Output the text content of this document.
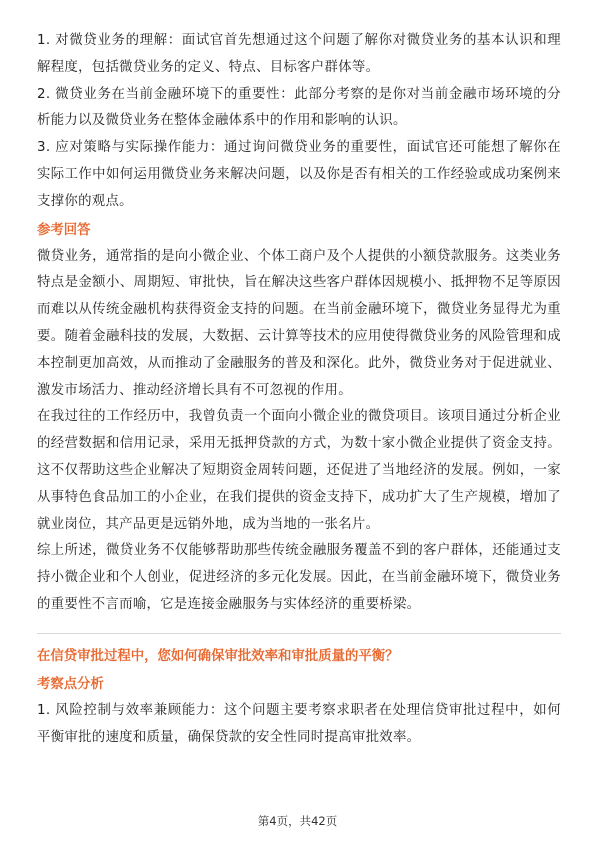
1. 对微贷业务的理解：面试官首先想通过这个问题了解你对微贷业务的基本认识和理解程度，包括微贷业务的定义、特点、目标客户群体等。

2. 微贷业务在当前金融环境下的重要性：此部分考察的是你对当前金融市场环境的分析能力以及微贷业务在整体金融体系中的作用和影响的认识。

3. 应对策略与实际操作能力：通过询问微贷业务的重要性，面试官还可能想了解你在实际工作中如何运用微贷业务来解决问题，以及你是否有相关的工作经验或成功案例来支撑你的观点。

参考回答

微贷业务，通常指的是向小微企业、个体工商户及个人提供的小额贷款服务。这类业务特点是金额小、周期短、审批快，旨在解决这些客户群体因规模小、抵押物不足等原因而难以从传统金融机构获得资金支持的问题。在当前金融环境下，微贷业务显得尤为重要。随着金融科技的发展，大数据、云计算等技术的应用使得微贷业务的风险管理和成本控制更加高效，从而推动了金融服务的普及和深化。此外，微贷业务对于促进就业、激发市场活力、推动经济增长具有不可忽视的作用。

在我过往的工作经历中，我曾负责一个面向小微企业的微贷项目。该项目通过分析企业的经营数据和信用记录，采用无抵押贷款的方式，为数十家小微企业提供了资金支持。这不仅帮助这些企业解决了短期资金周转问题，还促进了当地经济的发展。例如，一家从事特色食品加工的小企业，在我们提供的资金支持下，成功扩大了生产规模，增加了就业岗位，其产品更是远销外地，成为当地的一张名片。

综上所述，微贷业务不仅能够帮助那些传统金融服务覆盖不到的客户群体，还能通过支持小微企业和个人创业，促进经济的多元化发展。因此，在当前金融环境下，微贷业务的重要性不言而喻，它是连接金融服务与实体经济的重要桥梁。

在信贷审批过程中，您如何确保审批效率和审批质量的平衡？

考察点分析

1. 风险控制与效率兼顾能力：这个问题主要考察求职者在处理信贷审批过程中，如何平衡审批的速度和质量，确保贷款的安全性同时提高审批效率。

第4页，共42页
